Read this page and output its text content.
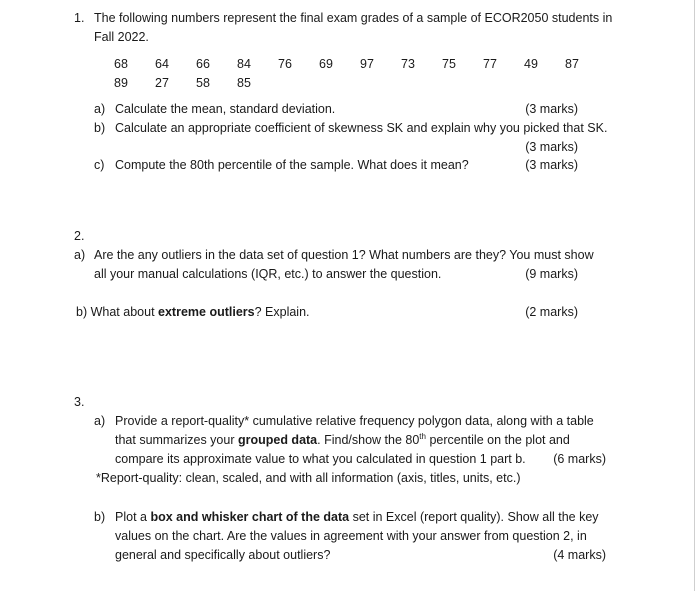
1. The following numbers represent the final exam grades of a sample of ECOR2050 students in
Fall 2022.
68	64	66	84	76	69	97	73	75	77	49	87
89	27	58	85
a) Calculate the mean, standard deviation.	(3 marks)
b) Calculate an appropriate coefficient of skewness SK and explain why you picked that SK.
(3 marks)
c) Compute the 80th percentile of the sample. What does it mean?	(3 marks)
2.
a) Are the any outliers in the data set of question 1? What numbers are they? You must show
all your manual calculations (IQR, etc.) to answer the question.	(9 marks)
b) What about extreme outliers? Explain.	(2 marks)
3.
a) Provide a report-quality* cumulative relative frequency polygon data, along with a table
that summarizes your grouped data. Find/show the 80th percentile on the plot and
compare its approximate value to what you calculated in question 1 part b. (6 marks)
*Report-quality: clean, scaled, and with all information (axis, titles, units, etc.)
b) Plot a box and whisker chart of the data set in Excel (report quality). Show all the key
values on the chart. Are the values in agreement with your answer from question 2, in
general and specifically about outliers?	(4 marks)
